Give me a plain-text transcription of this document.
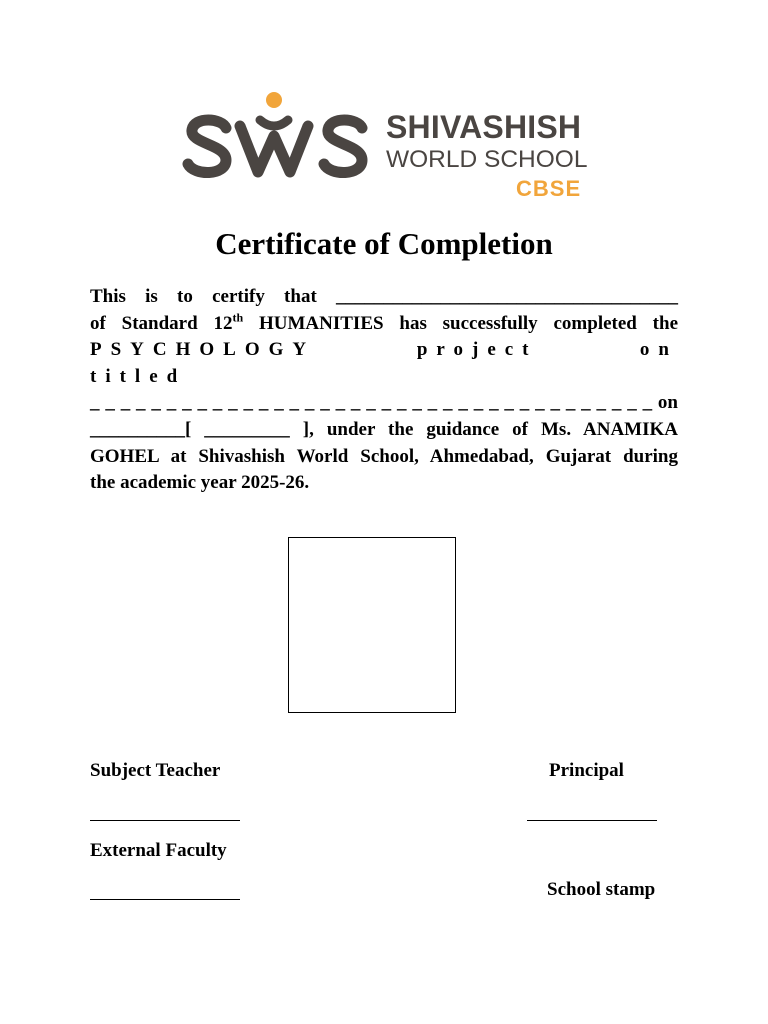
SHIVASHISH
WORLD SCHOOL
CBSE
Certificate of Completion
This is to certify that ____________________________________
of Standard 12th HUMANITIES has successfully completed the
PSYCHOLOGY project on titled
_ _ _ _ _ _ _ _ _ _ _ _ _ _ _ _ _ _ _ _ _ _ _ _ _ _ _ _ _ _ _ _ _ _ _ _ _ on
__________[ _________ ], under the guidance of Ms. ANAMIKA
GOHEL at Shivashish World School, Ahmedabad, Gujarat during
the academic year 2025-26.
Subject Teacher	Principal
External Faculty
School stamp
